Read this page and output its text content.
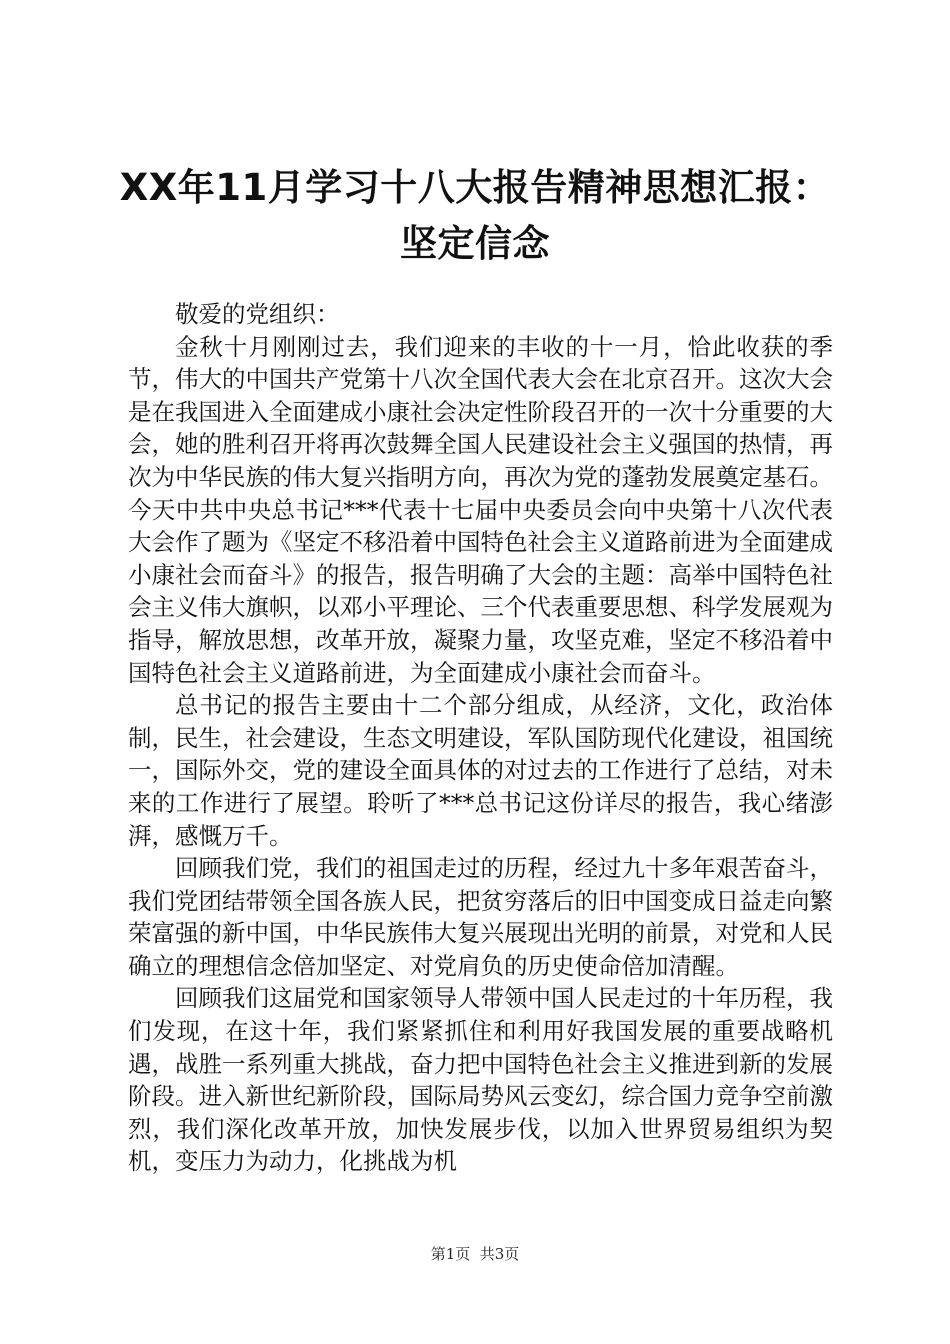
XX年11月学习十八大报告精神思想汇报：坚定信念

敬爱的党组织：

金秋十月刚刚过去，我们迎来的丰收的十一月，恰此收获的季节，伟大的中国共产党第十八次全国代表大会在北京召开。这次大会是在我国进入全面建成小康社会决定性阶段召开的一次十分重要的大会，她的胜利召开将再次鼓舞全国人民建设社会主义强国的热情，再次为中华民族的伟大复兴指明方向，再次为党的蓬勃发展奠定基石。今天中共中央总书记***代表十七届中央委员会向中央第十八次代表大会作了题为《坚定不移沿着中国特色社会主义道路前进为全面建成小康社会而奋斗》的报告，报告明确了大会的主题：高举中国特色社会主义伟大旗帜，以邓小平理论、三个代表重要思想、科学发展观为指导，解放思想，改革开放，凝聚力量，攻坚克难，坚定不移沿着中国特色社会主义道路前进，为全面建成小康社会而奋斗。

总书记的报告主要由十二个部分组成，从经济，文化，政治体制，民生，社会建设，生态文明建设，军队国防现代化建设，祖国统一，国际外交，党的建设全面具体的对过去的工作进行了总结，对未来的工作进行了展望。聆听了***总书记这份详尽的报告，我心绪澎湃，感慨万千。

回顾我们党，我们的祖国走过的历程，经过九十多年艰苦奋斗，我们党团结带领全国各族人民，把贫穷落后的旧中国变成日益走向繁荣富强的新中国，中华民族伟大复兴展现出光明的前景，对党和人民确立的理想信念倍加坚定、对党肩负的历史使命倍加清醒。

回顾我们这届党和国家领导人带领中国人民走过的十年历程，我们发现，在这十年，我们紧紧抓住和利用好我国发展的重要战略机遇，战胜一系列重大挑战，奋力把中国特色社会主义推进到新的发展阶段。进入新世纪新阶段，国际局势风云变幻，综合国力竞争空前激烈，我们深化改革开放，加快发展步伐，以加入世界贸易组织为契机，变压力为动力，化挑战为机

第1页  共3页
